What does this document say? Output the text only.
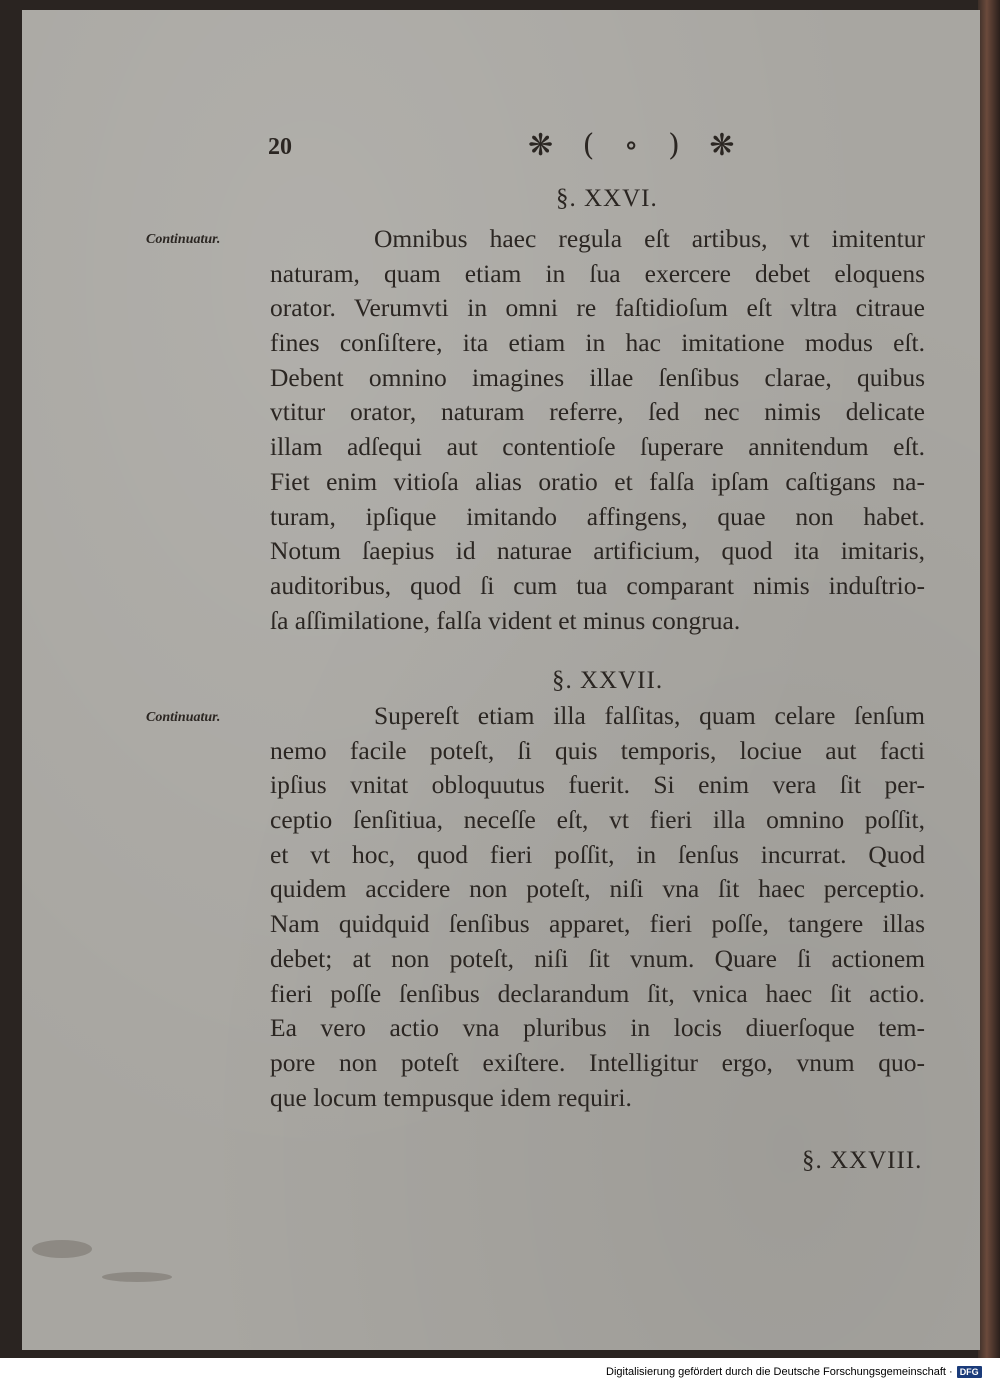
20	❋ ( ∘ ) ❋
§. XXVI.
Continuatur.	Omnibus haec regula eſt artibus, vt imitentur
naturam, quam etiam in ſua exercere debet eloquens
orator. Verumvti in omni re faſtidioſum eſt vltra citraue
fines conſiſtere, ita etiam in hac imitatione modus eſt.
Debent omnino imagines illae ſenſibus clarae, quibus
vtitur orator, naturam referre, ſed nec nimis delicate
illam adſequi aut contentioſe ſuperare annitendum eſt.
Fiet enim vitioſa alias oratio et falſa ipſam caſtigans na-
turam, ipſique imitando affingens, quae non habet.
Notum ſaepius id naturae artificium, quod ita imitaris,
auditoribus, quod ſi cum tua comparant nimis induſtrio-
ſa aſſimilatione, falſa vident et minus congrua.
§. XXVII.
Continuatur.	Supereſt etiam illa falſitas, quam celare ſenſum
nemo facile poteſt, ſi quis temporis, lociue aut facti
ipſius vnitat obloquutus fuerit. Si enim vera ſit per-
ceptio ſenſitiua, neceſſe eſt, vt fieri illa omnino poſſit,
et vt hoc, quod fieri poſſit, in ſenſus incurrat. Quod
quidem accidere non poteſt, niſi vna ſit haec perceptio.
Nam quidquid ſenſibus apparet, fieri poſſe, tangere illas
debet; at non poteſt, niſi ſit vnum. Quare ſi actionem
fieri poſſe ſenſibus declarandum ſit, vnica haec ſit actio.
Ea vero actio vna pluribus in locis diuerſoque tem-
pore non poteſt exiſtere. Intelligitur ergo, vnum quo-
que locum tempusque idem requiri.
§. XXVIII.
Digitalisierung gefördert durch die Deutsche Forschungsgemeinschaft · DFG
